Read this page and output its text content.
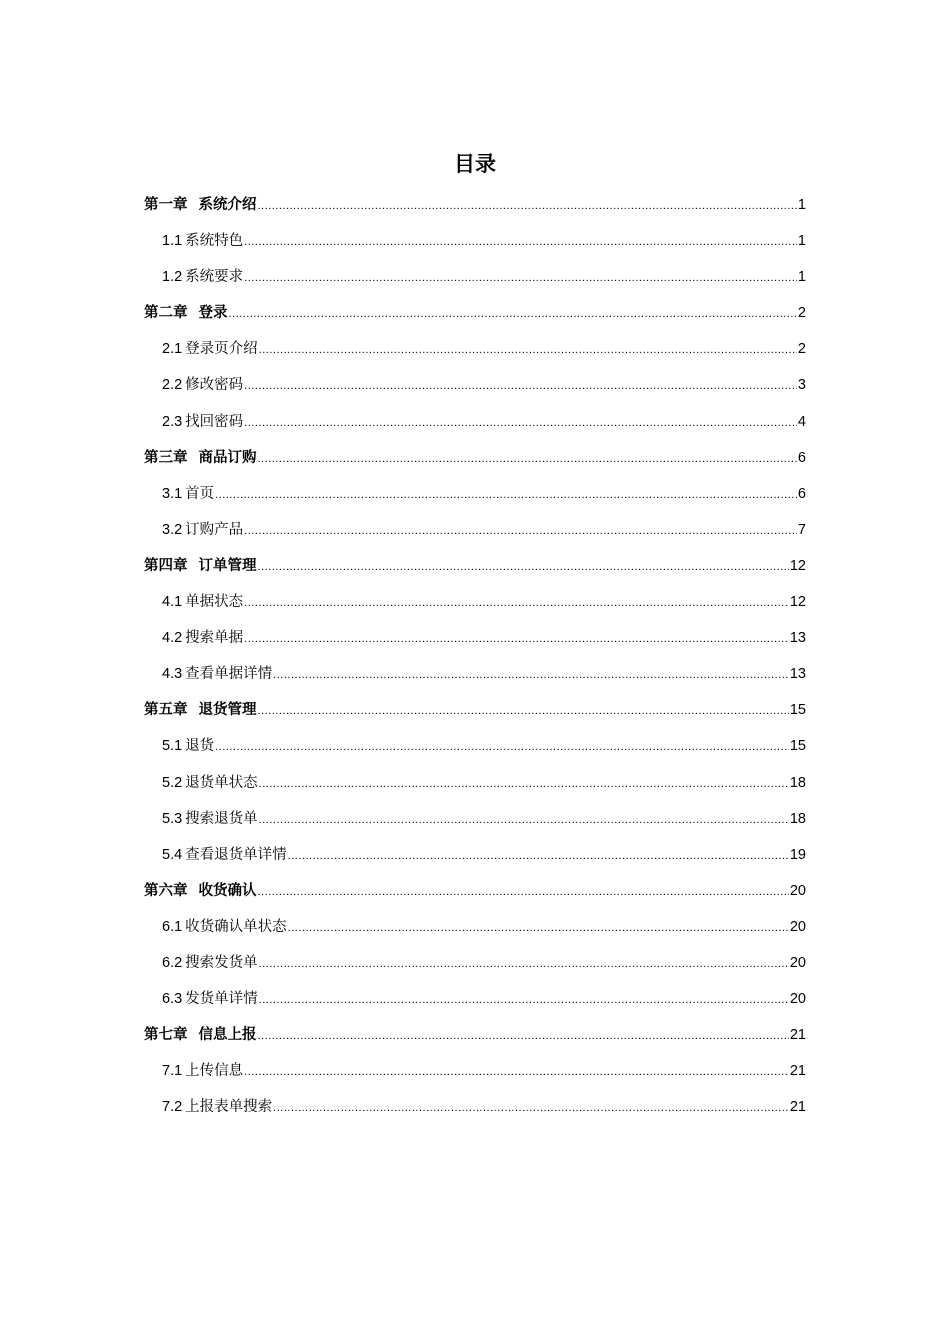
目录
第一章 系统介绍 .....	1
1.1 系统特色 .....	1
1.2 系统要求 .....	1
第二章 登录 .....	2
2.1 登录页介绍 .....	2
2.2 修改密码 .....	3
2.3 找回密码 .....	4
第三章 商品订购 .....	6
3.1 首页 .....	6
3.2 订购产品 .....	7
第四章 订单管理 .....	12
4.1 单据状态 .....	12
4.2 搜索单据 .....	13
4.3 查看单据详情 .....	13
第五章 退货管理 .....	15
5.1 退货 .....	15
5.2 退货单状态 .....	18
5.3 搜索退货单 .....	18
5.4 查看退货单详情 .....	19
第六章 收货确认 .....	20
6.1 收货确认单状态 .....	20
6.2 搜索发货单 .....	20
6.3 发货单详情 .....	20
第七章 信息上报 .....	21
7.1 上传信息 .....	21
7.2 上报表单搜索 .....	21
